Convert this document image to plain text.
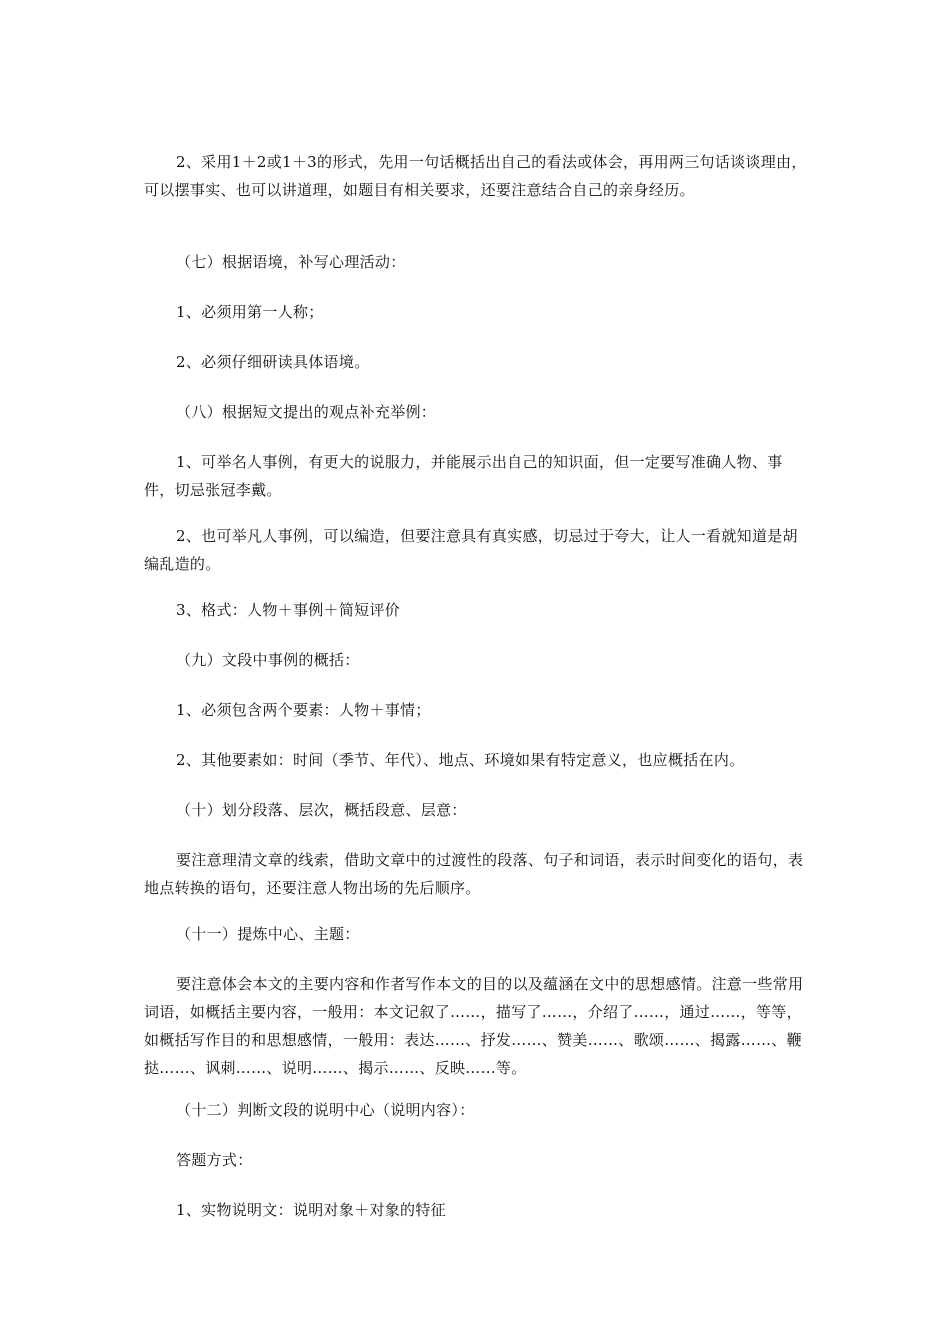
2、采用1＋2或1＋3的形式，先用一句话概括出自己的看法或体会，再用两三句话谈谈理由，可以摆事实、也可以讲道理，如题目有相关要求，还要注意结合自己的亲身经历。
（七）根据语境，补写心理活动：
1、必须用第一人称；
2、必须仔细研读具体语境。
（八）根据短文提出的观点补充举例：
1、可举名人事例，有更大的说服力，并能展示出自己的知识面，但一定要写准确人物、事件，切忌张冠李戴。
2、也可举凡人事例，可以编造，但要注意具有真实感，切忌过于夸大，让人一看就知道是胡编乱造的。
3、格式：人物＋事例＋简短评价
（九）文段中事例的概括：
1、必须包含两个要素：人物＋事情；
2、其他要素如：时间（季节、年代）、地点、环境如果有特定意义，也应概括在内。
（十）划分段落、层次，概括段意、层意：
要注意理清文章的线索，借助文章中的过渡性的段落、句子和词语，表示时间变化的语句，表地点转换的语句，还要注意人物出场的先后顺序。
（十一）提炼中心、主题：
要注意体会本文的主要内容和作者写作本文的目的以及蕴涵在文中的思想感情。注意一些常用词语，如概括主要内容，一般用：本文记叙了……，描写了……，介绍了……，通过……，等等，如概括写作目的和思想感情，一般用：表达……、抒发……、赞美……、歌颂……、揭露……、鞭挞……、讽刺……、说明……、揭示……、反映……等。
（十二）判断文段的说明中心（说明内容）：
答题方式：
1、实物说明文：说明对象＋对象的特征
